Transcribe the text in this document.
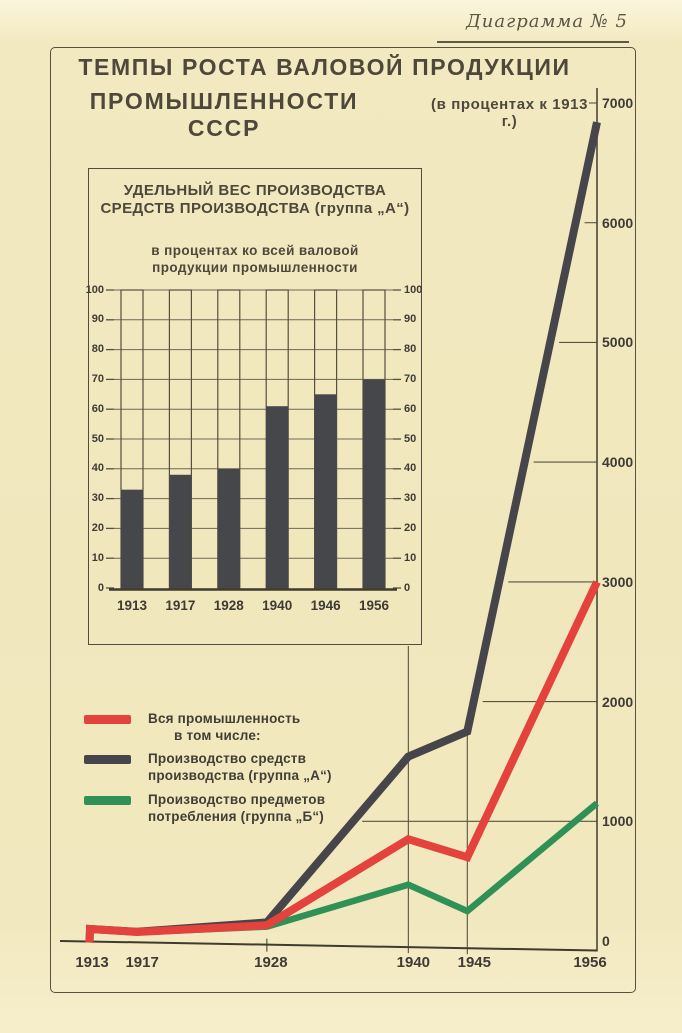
Диаграмма № 5
ТЕМПЫ РОСТА ВАЛОВОЙ ПРОДУКЦИИ
ПРОМЫШЛЕННОСТИ СССР
(в процентах к 1913 г.)
УДЕЛЬНЫЙ ВЕС ПРОИЗВОДСТВА
СРЕДСТВ ПРОИЗВОДСТВА (группа „А“)
в процентах ко всей валовой
продукции промышленности
0	0
10	10
20	20
30	30
40	40
50	50
60	60
70	70
80	80
90	90
100	100
1913 1917 1928 1940 1946 1956
0
1000
2000
3000
4000
5000
6000
7000
1913 1917	1928	1940 1945	1956
Вся промышленность
в том числе:
Производство средств
производства (группа „А“)
Производство предметов
потребления (группа „Б“)
